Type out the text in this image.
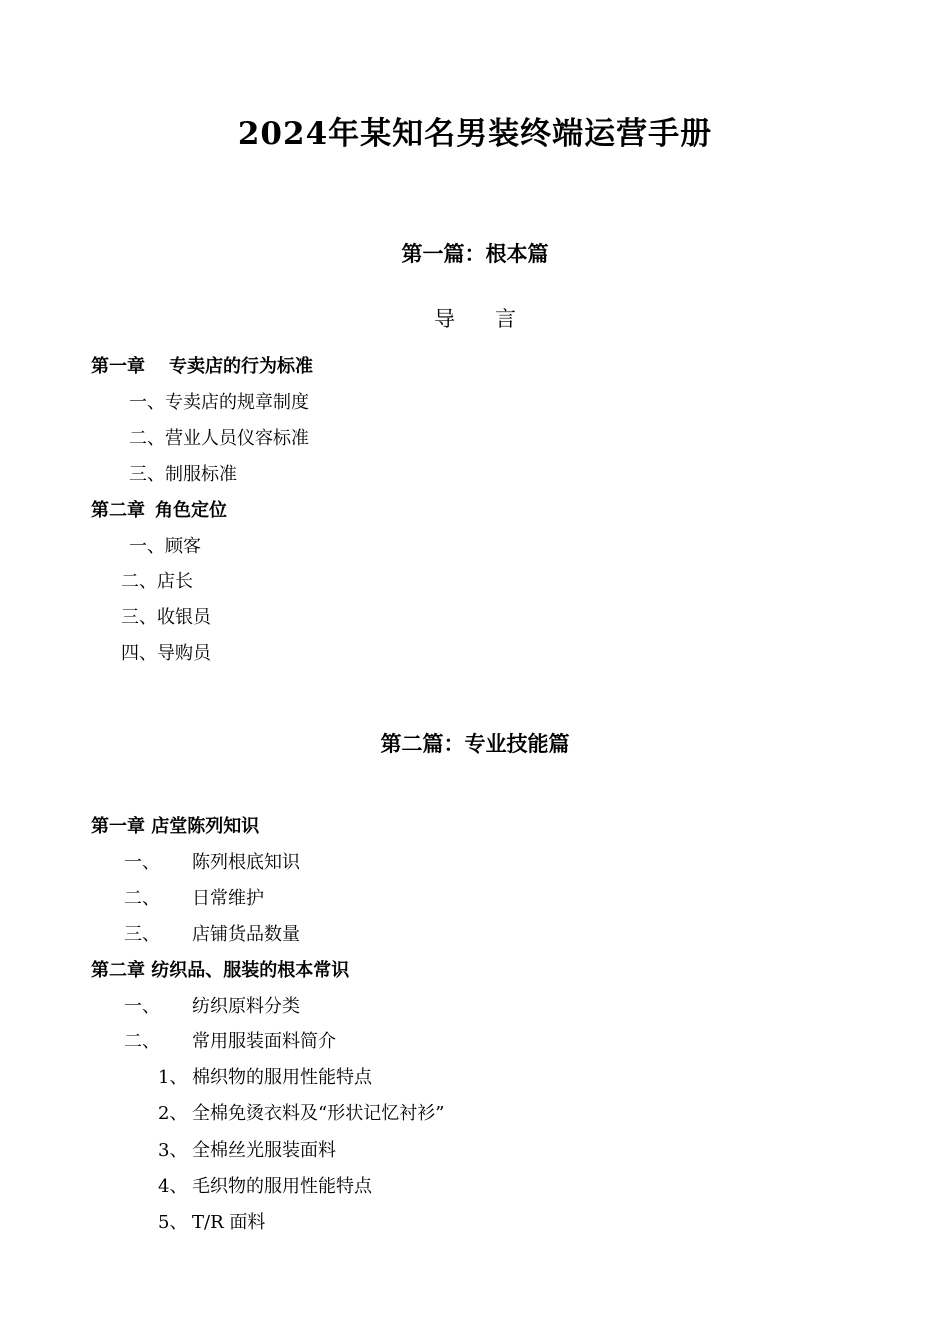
2024年某知名男装终端运营手册
第一篇：根本篇
导 言
第一章 专卖店的行为标准
一、专卖店的规章制度
二、营业人员仪容标准
三、制服标准
第二章 角色定位
一、顾客
二、店长
三、收银员
四、导购员
第二篇：专业技能篇
第一章 店堂陈列知识
一、 陈列根底知识
二、 日常维护
三、 店铺货品数量
第二章 纺织品、服装的根本常识
一、 纺织原料分类
二、 常用服装面料简介
1、 棉织物的服用性能特点
2、 全棉免烫衣料及“形状记忆衬衫”
3、 全棉丝光服装面料
4、 毛织物的服用性能特点
5、 T/R 面料
